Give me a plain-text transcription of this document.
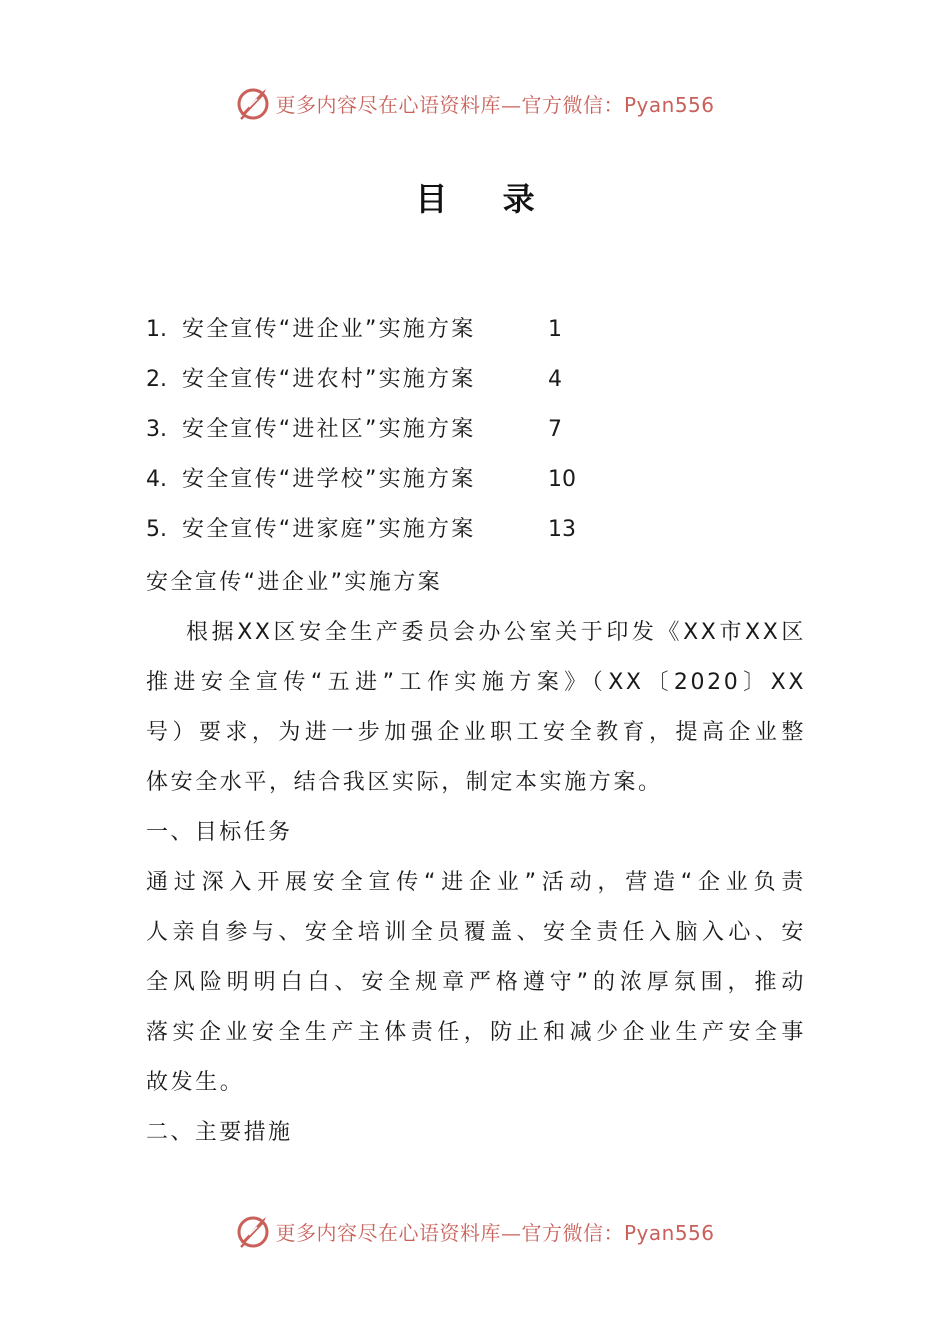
更多内容尽在心语资料库—官方微信：Pyan556
目 录
1. 安全宣传“进企业”实施方案	1
2. 安全宣传“进农村”实施方案	4
3. 安全宣传“进社区”实施方案	7
4. 安全宣传“进学校”实施方案	10
5. 安全宣传“进家庭”实施方案	13
安全宣传“进企业”实施方案
根据XX区安全生产委员会办公室关于印发《XX市XX区
推进安全宣传“五进”工作实施方案》（XX〔2020〕XX
号）要求，为进一步加强企业职工安全教育，提高企业整
体安全水平，结合我区实际，制定本实施方案。
一、目标任务
通过深入开展安全宣传“进企业”活动，营造“企业负责
人亲自参与、安全培训全员覆盖、安全责任入脑入心、安
全风险明明白白、安全规章严格遵守”的浓厚氛围，推动
落实企业安全生产主体责任，防止和减少企业生产安全事
故发生。
二、主要措施
更多内容尽在心语资料库—官方微信：Pyan556
